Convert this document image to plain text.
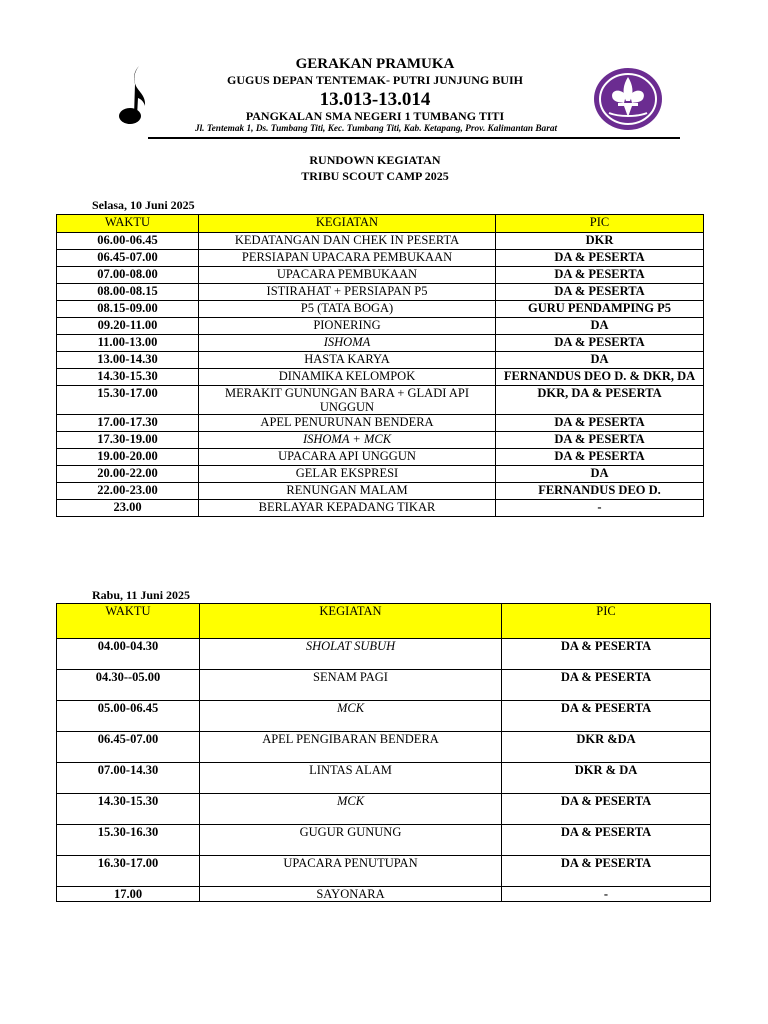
GERAKAN PRAMUKA
GUGUS DEPAN TENTEMAK- PUTRI JUNJUNG BUIH
13.013-13.014
PANGKALAN SMA NEGERI 1 TUMBANG TITI
Jl. Tentemak 1, Ds. Tumbang Titi, Kec. Tumbang Titi, Kab. Ketapang, Prov. Kalimantan Barat
RUNDOWN KEGIATAN
TRIBU SCOUT CAMP 2025
Selasa, 10 Juni 2025
WAKTU	KEGIATAN	PIC
06.00-06.45	KEDATANGAN DAN CHEK IN PESERTA	DKR
06.45-07.00	PERSIAPAN UPACARA PEMBUKAAN	DA & PESERTA
07.00-08.00	UPACARA PEMBUKAAN	DA & PESERTA
08.00-08.15	ISTIRAHAT + PERSIAPAN P5	DA & PESERTA
08.15-09.00	P5 (TATA BOGA)	GURU PENDAMPING P5
09.20-11.00	PIONERING	DA
11.00-13.00	ISHOMA	DA & PESERTA
13.00-14.30	HASTA KARYA	DA
14.30-15.30	DINAMIKA KELOMPOK	FERNANDUS DEO D. & DKR, DA
15.30-17.00	MERAKIT GUNUNGAN BARA + GLADI API UNGGUN	DKR, DA & PESERTA
17.00-17.30	APEL PENURUNAN BENDERA	DA & PESERTA
17.30-19.00	ISHOMA + MCK	DA & PESERTA
19.00-20.00	UPACARA API UNGGUN	DA & PESERTA
20.00-22.00	GELAR EKSPRESI	DA
22.00-23.00	RENUNGAN MALAM	FERNANDUS DEO D.
23.00	BERLAYAR KEPADANG TIKAR	-
Rabu, 11 Juni 2025
WAKTU	KEGIATAN	PIC
04.00-04.30	SHOLAT SUBUH	DA & PESERTA
04.30--05.00	SENAM PAGI	DA & PESERTA
05.00-06.45	MCK	DA & PESERTA
06.45-07.00	APEL PENGIBARAN BENDERA	DKR &DA
07.00-14.30	LINTAS ALAM	DKR & DA
14.30-15.30	MCK	DA & PESERTA
15.30-16.30	GUGUR GUNUNG	DA & PESERTA
16.30-17.00	UPACARA PENUTUPAN	DA & PESERTA
17.00	SAYONARA	-
